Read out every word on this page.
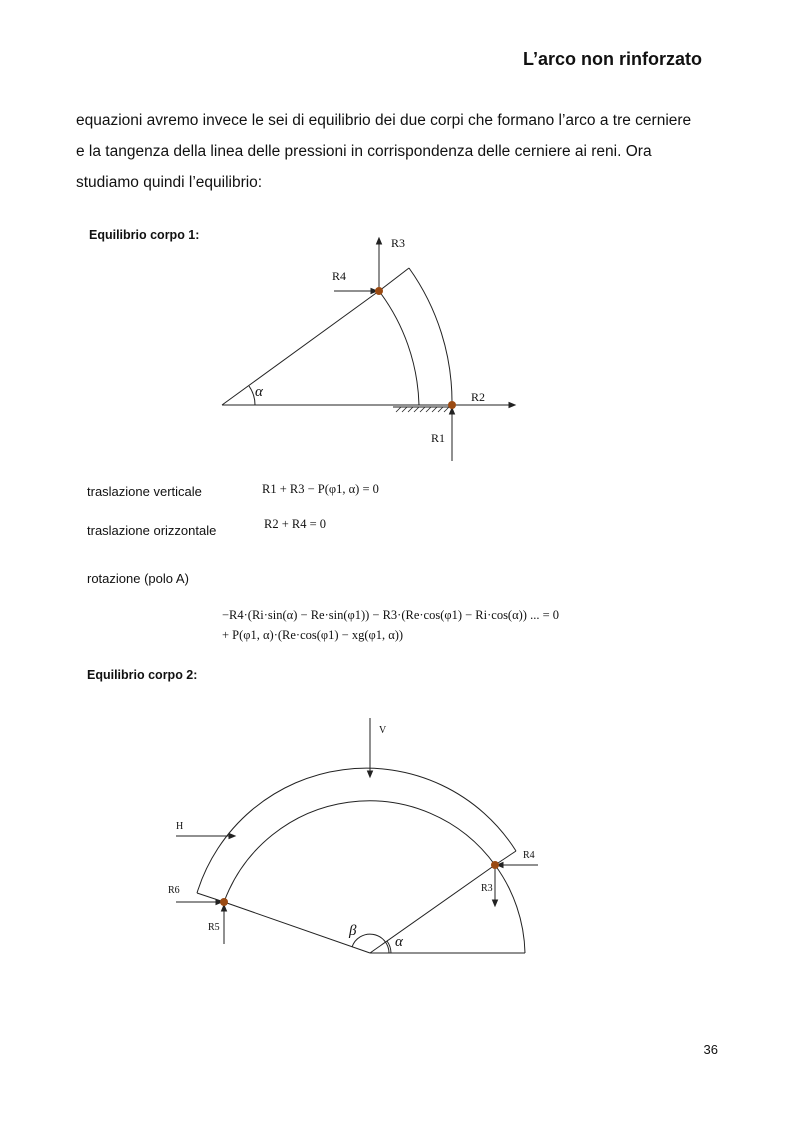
L’arco non rinforzato
equazioni avremo invece le sei di equilibrio dei due corpi che formano l’arco a tre cerniere
e la tangenza della linea delle pressioni in corrispondenza delle cerniere ai reni. Ora
studiamo quindi l’equilibrio:
Equilibrio corpo 1:
R3
R4
R2
R1
α
traslazione verticale	R1 + R3 − P(φ1, α) = 0
traslazione orizzontale	R2 + R4 = 0
rotazione (polo A)
−R4·(Ri·sin(α) − Re·sin(φ1)) − R3·(Re·cos(φ1) − Ri·cos(α)) ... = 0
+ P(φ1, α)·(Re·cos(φ1) − xg(φ1, α))
Equilibrio corpo 2:
V
H
R4
R3
R6
R5	β
α
36
